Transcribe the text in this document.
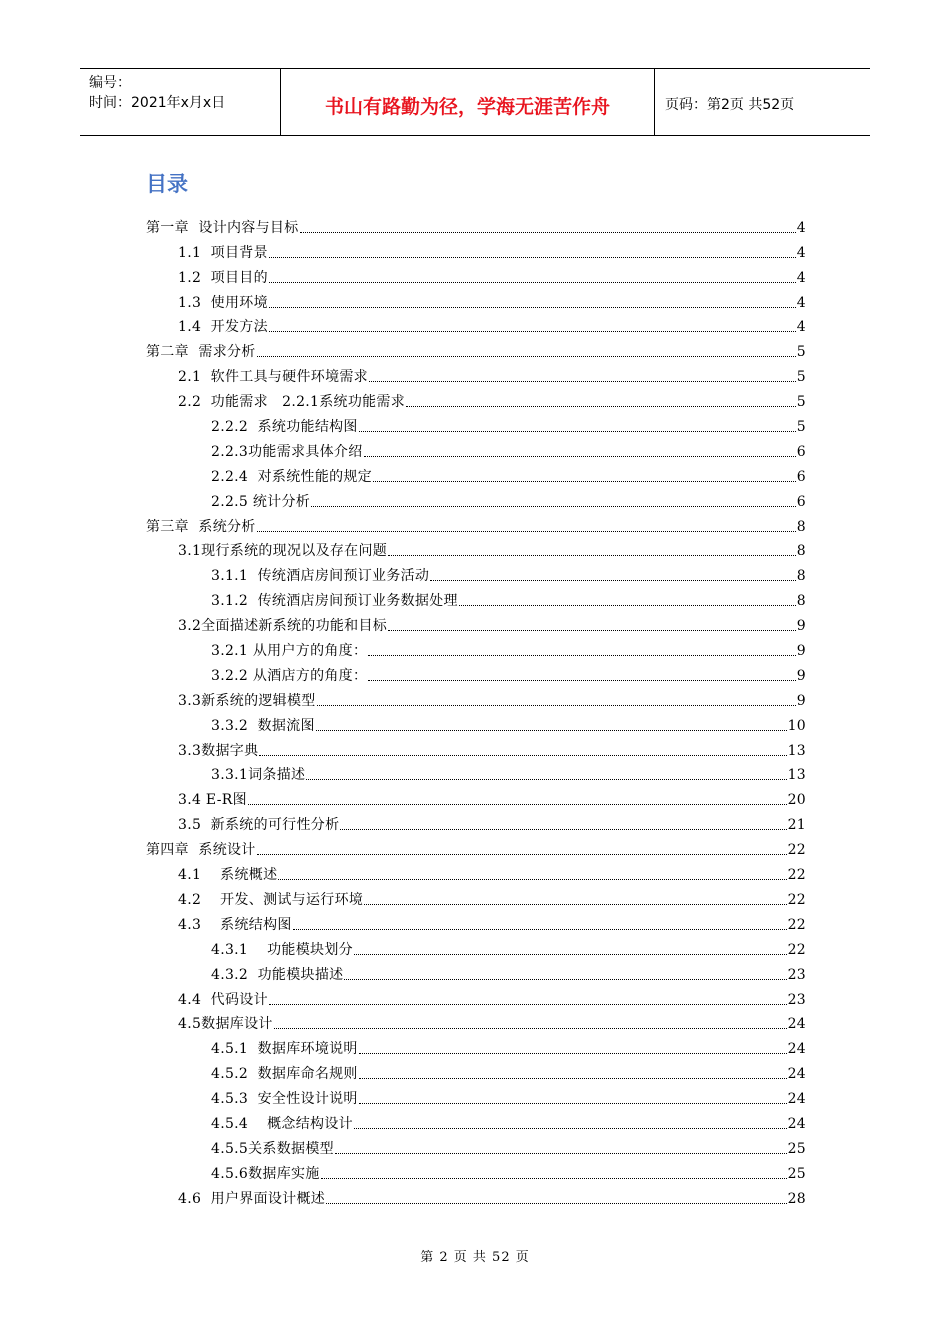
编号：
时间：2021年x月x日	书山有路勤为径，学海无涯苦作舟	页码：第2页 共52页
目录
第一章  设计内容与目标	4
1.1  项目背景	4
1.2  项目目的	4
1.3  使用环境	4
1.4  开发方法	4
第二章  需求分析	5
2.1  软件工具与硬件环境需求	5
2.2  功能需求   2.2.1系统功能需求	5
2.2.2  系统功能结构图	5
2.2.3功能需求具体介绍	6
2.2.4  对系统性能的规定	6
2.2.5 统计分析	6
第三章  系统分析	8
3.1现行系统的现况以及存在问题	8
3.1.1  传统酒店房间预订业务活动	8
3.1.2  传统酒店房间预订业务数据处理	8
3.2全面描述新系统的功能和目标	9
3.2.1 从用户方的角度：	9
3.2.2 从酒店方的角度：	9
3.3新系统的逻辑模型	9
3.3.2  数据流图	10
3.3数据字典	13
3.3.1词条描述	13
3.4 E-R图	20
3.5  新系统的可行性分析	21
第四章  系统设计	22
4.1    系统概述	22
4.2    开发、测试与运行环境	22
4.3    系统结构图	22
4.3.1    功能模块划分	22
4.3.2  功能模块描述	23
4.4  代码设计	23
4.5数据库设计	24
4.5.1  数据库环境说明	24
4.5.2  数据库命名规则	24
4.5.3  安全性设计说明	24
4.5.4    概念结构设计	24
4.5.5关系数据模型	25
4.5.6数据库实施	25
4.6  用户界面设计概述	28
第 2 页 共 52 页
